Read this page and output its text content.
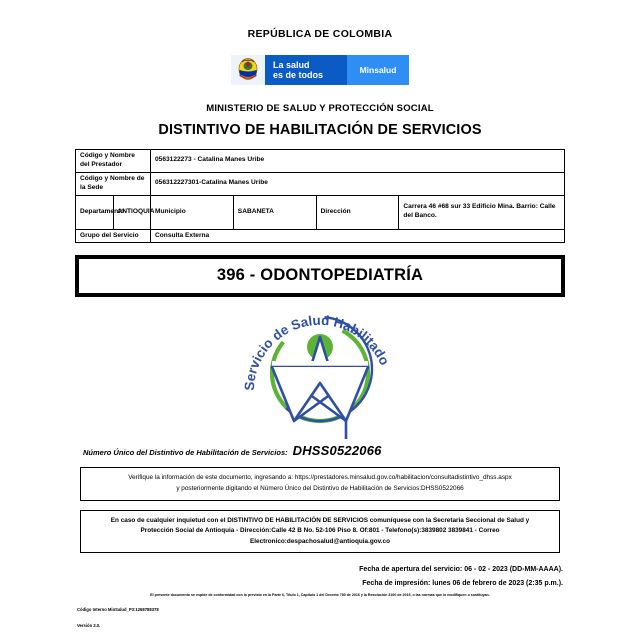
REPÚBLICA DE COLOMBIA
La salud
es de todos	Minsalud
MINISTERIO DE SALUD Y PROTECCIÓN SOCIAL
DISTINTIVO DE HABILITACIÓN DE SERVICIOS
Código y Nombre del Prestador		0563122273 - Catalina Manes Uribe			
Código y Nombre de la Sede		056312227301-Catalina Manes Uribe			
Departamento	ANTIOQUIA	Municipio	SABANETA	Dirección	Carrera 46 #68 sur 33 Edificio Mina. Barrio: Calle del Banco.
Grupo del Servicio		Consulta Externa			
396 - ODONTOPEDIATRÍA
Servicio de Salud Habilitado
Número Único del Distintivo de Habilitación de Servicios: DHSS0522066
Verifique la información de este documento, ingresando a: https://prestadores.minsalud.gov.co/habilitacion/consultadistintivo_dhss.aspx
y posteriormente digitando el Número Único del Distintivo de Habilitación de Servicios:DHSS0522066
En caso de cualquier inquietud con el DISTINTIVO DE HABILITACIÓN DE SERVICIOS comuníquese con la Secretaria Seccional de Salud y
Protección Social de Antioquia - Dirección:Calle 42 B No. 52-106 Piso 8. Of:801 - Telefono(s):3839802 3839841 - Correo
Electronico:despachosalud@antioquia.gov.co
Fecha de apertura del servicio: 06 - 02 - 2023 (DD-MM-AAAA).
Fecha de impresión: lunes 06 de febrero de 2023 (2:35 p.m.).
El presente documento se expide de conformidad con lo previsto en la Parte 6, Título 1, Capítulo 1 del Decreto 780 de 2016 y la Resolución 3100 de 2019, o las normas que lo modifiquen o sustituyan.
Código Interno MinSalud_P3:1268788378
Versión 3.0.
